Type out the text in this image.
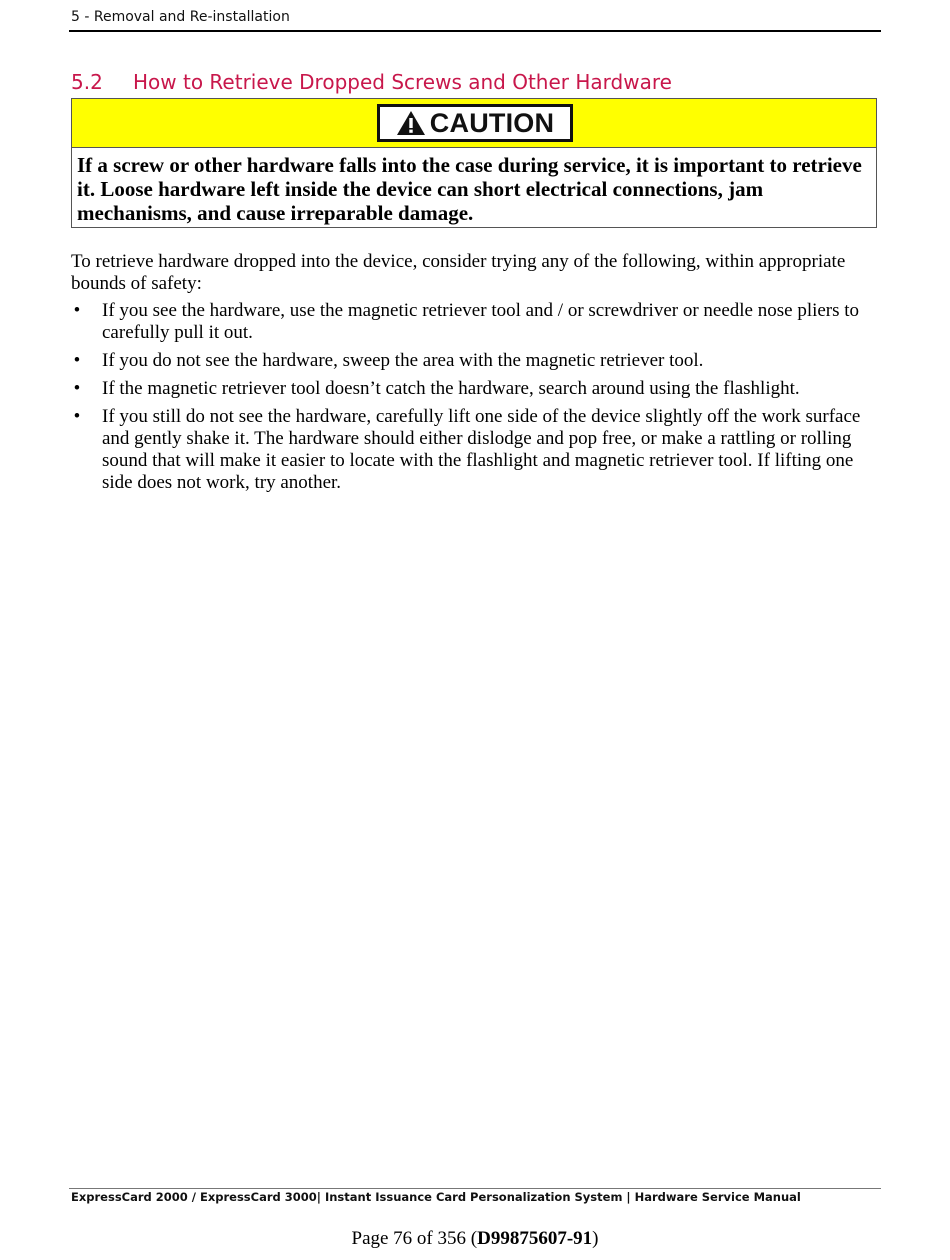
5 - Removal and Re-installation
5.2 How to Retrieve Dropped Screws and Other Hardware
CAUTION
If a screw or other hardware falls into the case during service, it is important to retrieve it. Loose hardware left inside the device can short electrical connections, jam mechanisms, and cause irreparable damage.

To retrieve hardware dropped into the device, consider trying any of the following, within appropriate bounds of safety:

• If you see the hardware, use the magnetic retriever tool and / or screwdriver or needle nose pliers to carefully pull it out.
• If you do not see the hardware, sweep the area with the magnetic retriever tool.
• If the magnetic retriever tool doesn’t catch the hardware, search around using the flashlight.
• If you still do not see the hardware, carefully lift one side of the device slightly off the work surface and gently shake it. The hardware should either dislodge and pop free, or make a rattling or rolling sound that will make it easier to locate with the flashlight and magnetic retriever tool. If lifting one side does not work, try another.
ExpressCard 2000 / ExpressCard 3000| Instant Issuance Card Personalization System | Hardware Service Manual
Page 76 of 356 (D99875607-91)
